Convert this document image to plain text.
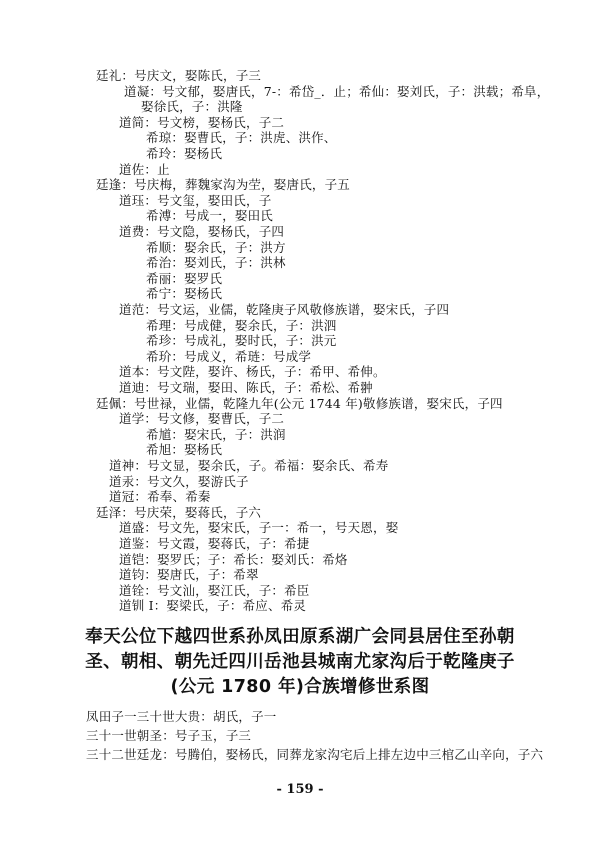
廷礼：号庆文，娶陈氏，子三
道凝：号文郁，娶唐氏，7-：希岱_．止；希仙：娶刘氏，子：洪载；希阜，
娶徐氏，子：洪隆
道简：号文榜，娶杨氏，子二
希琼：娶曹氏，子：洪虎、洪作、
希玲：娶杨氏
道佐：止
廷逢：号庆梅，葬魏家沟为茔，娶唐氏，子五
道珏：号文玺，娶田氏，子
希溥：号成一，娶田氏
道费：号文隐，娶杨氏，子四
希顺：娶余氏，子：洪方
希治：娶刘氏，子：洪林
希丽：娶罗氏
希宁：娶杨氏
道范：号文运，业儒，乾隆庚子风敬修族谱，娶宋氏，子四
希理：号成健，娶余氏，子：洪泗
希珍：号成礼，娶时氏，子：洪元
希玠：号成义，希琏：号成学
道本：号文陛，娶许、杨氏，子：希甲、希伸。
道迪：号文瑞，娶田、陈氏，子：希松、希翀
廷佩：号世禄，业儒，乾隆九年(公元 1744 年)敬修族谱，娶宋氏，子四
道学：号文修，娶曹氏，子二
希馗：娶宋氏，子：洪润
希旭：娶杨氏
道神：号文显，娶余氏，子。希福：娶余氏、希寿
道汞：号文久，娶游氏子
道冠：希奉、希秦
廷泽：号庆荣，娶蒋氏，子六
道盛：号文先，娶宋氏，子一：希一，号天恩，娶
道鉴：号文霞，娶蒋氏，子：希捷
道铠：娶罗氏；子：希长：娶刘氏：希烙
道钧：娶唐氏，子：希翠
道铨：号文汕，娶江氏，子：希臣
道钏 I：娶梁氏，子：希应、希灵
奉天公位下越四世系孙凤田原系湖广会同县居住至孙朝
圣、朝相、朝先迁四川岳池县城南尤家沟后于乾隆庚子
(公元 1780 年)合族增修世系图
凤田子一三十世大贵：胡氏，子一
三十一世朝圣：号子玉，子三
三十二世廷龙：号腾伯，娶杨氏，同葬龙家沟宅后上排左边中三棺乙山辛向，子六
- 159 -
